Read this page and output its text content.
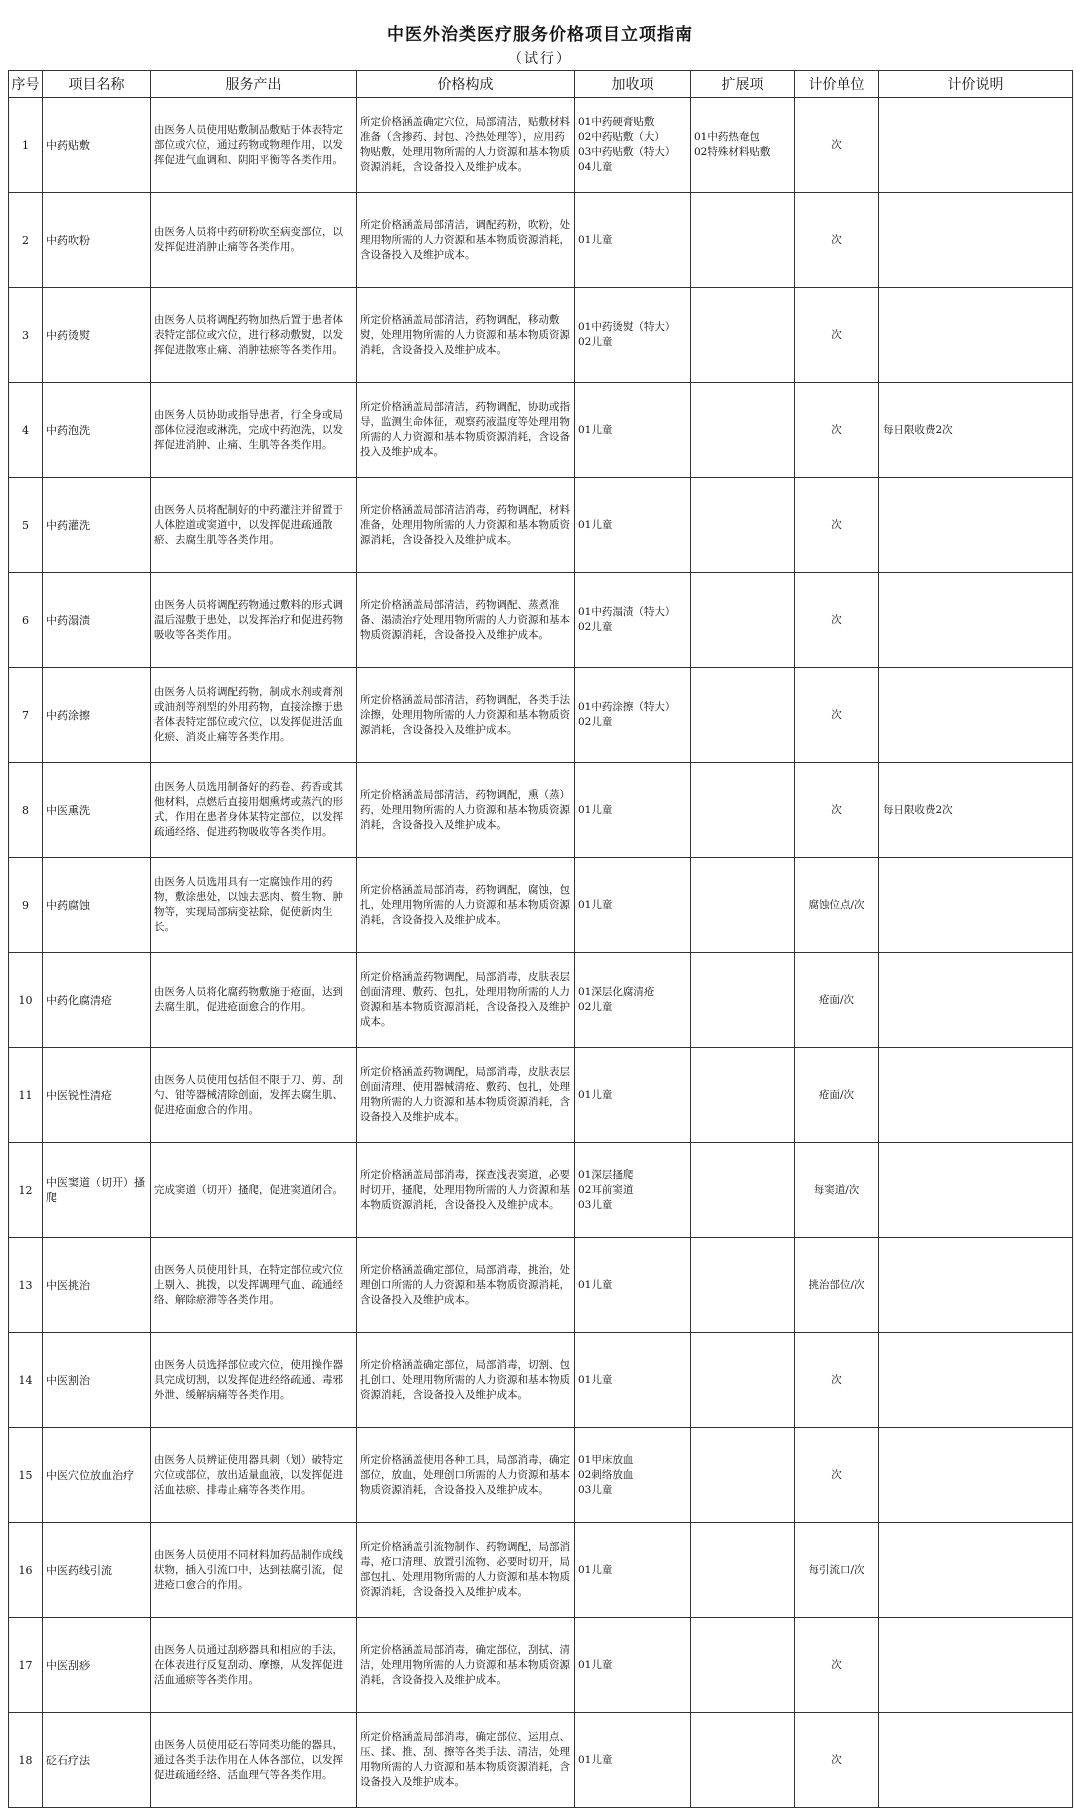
中医外治类医疗服务价格项目立项指南
（试行）
序号	项目名称	服务产出	价格构成	加收项	扩展项	计价单位	计价说明
1	中药贴敷	由医务人员使用贴敷制品敷贴于体表特定部位或穴位，通过药物或物理作用，以发挥促进气血调和、阴阳平衡等各类作用。	所定价格涵盖确定穴位，局部清洁，贴敷材料准备（含掺药、封包、冷热处理等），应用药物贴敷，处理用物所需的人力资源和基本物质资源消耗，含设备投入及维护成本。	01中药硬膏贴敷
02中药贴敷（大）
03中药贴敷（特大）
04儿童	01中药热奄包
02特殊材料贴敷	次	
2	中药吹粉	由医务人员将中药研粉吹至病变部位，以发挥促进消肿止痛等各类作用。	所定价格涵盖局部清洁，调配药粉，吹粉，处理用物所需的人力资源和基本物质资源消耗，含设备投入及维护成本。	01儿童		次	
3	中药烫熨	由医务人员将调配药物加热后置于患者体表特定部位或穴位，进行移动敷熨，以发挥促进散寒止痛、消肿祛瘀等各类作用。	所定价格涵盖局部清洁，药物调配，移动敷熨，处理用物所需的人力资源和基本物质资源消耗，含设备投入及维护成本。	01中药烫熨（特大）
02儿童		次	
4	中药泡洗	由医务人员协助或指导患者，行全身或局部体位浸泡或淋洗，完成中药泡洗，以发挥促进消肿、止痛、生肌等各类作用。	所定价格涵盖局部清洁，药物调配，协助或指导，监测生命体征，观察药液温度等处理用物所需的人力资源和基本物质资源消耗，含设备投入及维护成本。	01儿童		次	每日限收费2次
5	中药灌洗	由医务人员将配制好的中药灌注并留置于人体腔道或窦道中，以发挥促进疏通散瘀、去腐生肌等各类作用。	所定价格涵盖局部清洁消毒，药物调配，材料准备，处理用物所需的人力资源和基本物质资源消耗，含设备投入及维护成本。	01儿童		次	
6	中药溻渍	由医务人员将调配药物通过敷料的形式调温后湿敷于患处，以发挥治疗和促进药物吸收等各类作用。	所定价格涵盖局部清洁，药物调配、蒸煮准备、溻渍治疗处理用物所需的人力资源和基本物质资源消耗，含设备投入及维护成本。	01中药溻渍（特大）
02儿童		次	
7	中药涂擦	由医务人员将调配药物，制成水剂或膏剂或油剂等剂型的外用药物，直接涂擦于患者体表特定部位或穴位，以发挥促进活血化瘀、消炎止痛等各类作用。	所定价格涵盖局部清洁，药物调配，各类手法涂擦，处理用物所需的人力资源和基本物质资源消耗，含设备投入及维护成本。	01中药涂擦（特大）
02儿童		次	
8	中医熏洗	由医务人员选用制备好的药卷、药香或其他材料，点燃后直接用烟熏烤或蒸汽的形式，作用在患者身体某特定部位，以发挥疏通经络、促进药物吸收等各类作用。	所定价格涵盖局部清洁，药物调配，熏（蒸）药，处理用物所需的人力资源和基本物质资源消耗，含设备投入及维护成本。	01儿童		次	每日限收费2次
9	中药腐蚀	由医务人员选用具有一定腐蚀作用的药物，敷涂患处，以蚀去恶肉、赘生物、肿物等，实现局部病变祛除，促使新肉生长。	所定价格涵盖局部消毒，药物调配，腐蚀，包扎，处理用物所需的人力资源和基本物质资源消耗，含设备投入及维护成本。	01儿童		腐蚀位点/次	
10	中药化腐清疮	由医务人员将化腐药物敷施于疮面，达到去腐生肌，促进疮面愈合的作用。	所定价格涵盖药物调配，局部消毒，皮肤表层创面清理、敷药、包扎，处理用物所需的人力资源和基本物质资源消耗，含设备投入及维护成本。	01深层化腐清疮
02儿童		疮面/次	
11	中医锐性清疮	由医务人员使用包括但不限于刀、剪、刮勺、钳等器械清除创面，发挥去腐生肌、促进疮面愈合的作用。	所定价格涵盖药物调配，局部消毒，皮肤表层创面清理、使用器械清疮、敷药、包扎，处理用物所需的人力资源和基本物质资源消耗，含设备投入及维护成本。	01儿童		疮面/次	
12	中医窦道（切开）搔爬	完成窦道（切开）搔爬，促进窦道闭合。	所定价格涵盖局部消毒，探查浅表窦道，必要时切开，搔爬，处理用物所需的人力资源和基本物质资源消耗，含设备投入及维护成本。	01深层搔爬
02耳前窦道
03儿童		每窦道/次	
13	中医挑治	由医务人员使用针具，在特定部位或穴位上剔入、挑拨，以发挥调理气血、疏通经络、解除瘀滞等各类作用。	所定价格涵盖确定部位，局部消毒，挑治，处理创口所需的人力资源和基本物质资源消耗，含设备投入及维护成本。	01儿童		挑治部位/次	
14	中医割治	由医务人员选择部位或穴位，使用操作器具完成切割，以发挥促进经络疏通、毒邪外泄、缓解病痛等各类作用。	所定价格涵盖确定部位，局部消毒，切割、包扎创口、处理用物所需的人力资源和基本物质资源消耗，含设备投入及维护成本。	01儿童		次	
15	中医穴位放血治疗	由医务人员辨证使用器具刺（划）破特定穴位或部位，放出适量血液，以发挥促进活血祛瘀、排毒止痛等各类作用。	所定价格涵盖使用各种工具，局部消毒，确定部位，放血，处理创口所需的人力资源和基本物质资源消耗，含设备投入及维护成本。	01甲床放血
02刺络放血
03儿童		次	
16	中医药线引流	由医务人员使用不同材料加药品制作成线状物，插入引流口中，达到祛腐引流，促进疮口愈合的作用。	所定价格涵盖引流物制作、药物调配，局部消毒，疮口清理、放置引流物、必要时切开，局部包扎、处理用物所需的人力资源和基本物质资源消耗，含设备投入及维护成本。	01儿童		每引流口/次	
17	中医刮痧	由医务人员通过刮痧器具和相应的手法，在体表进行反复刮动、摩擦，从发挥促进活血通瘀等各类作用。	所定价格涵盖局部消毒，确定部位，刮拭、清洁，处理用物所需的人力资源和基本物质资源消耗，含设备投入及维护成本。	01儿童		次	
18	砭石疗法	由医务人员使用砭石等同类功能的器具，通过各类手法作用在人体各部位，以发挥促进疏通经络、活血理气等各类作用。	所定价格涵盖局部消毒，确定部位、运用点、压、揉、推、刮、擦等各类手法、清洁，处理用物所需的人力资源和基本物质资源消耗，含设备投入及维护成本。	01儿童		次	
